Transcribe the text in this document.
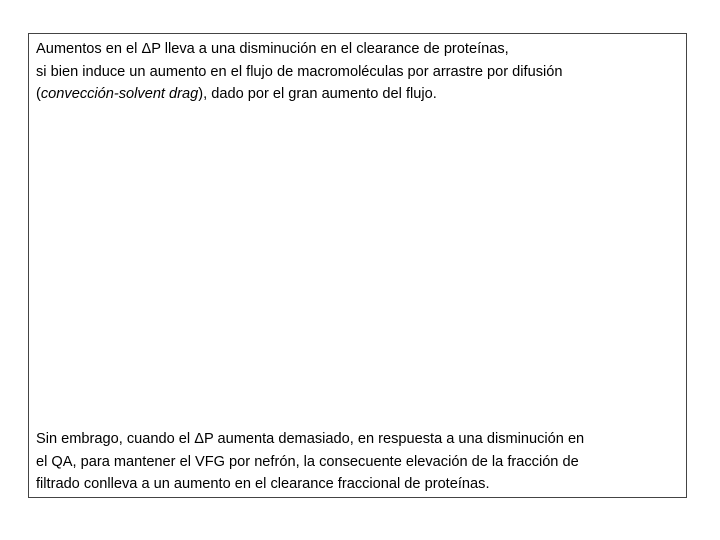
Aumentos en el ΔP lleva a una disminución en el clearance de proteínas,
si bien induce un aumento en el flujo de macromoléculas por arrastre por difusión
(convección-solvent drag), dado por el gran aumento del flujo.

Sin embrago, cuando el ΔP aumenta demasiado, en respuesta a una disminución en
el QA, para mantener el VFG por nefrón, la consecuente elevación de la fracción de
filtrado conlleva a un aumento en el clearance fraccional de proteínas.
